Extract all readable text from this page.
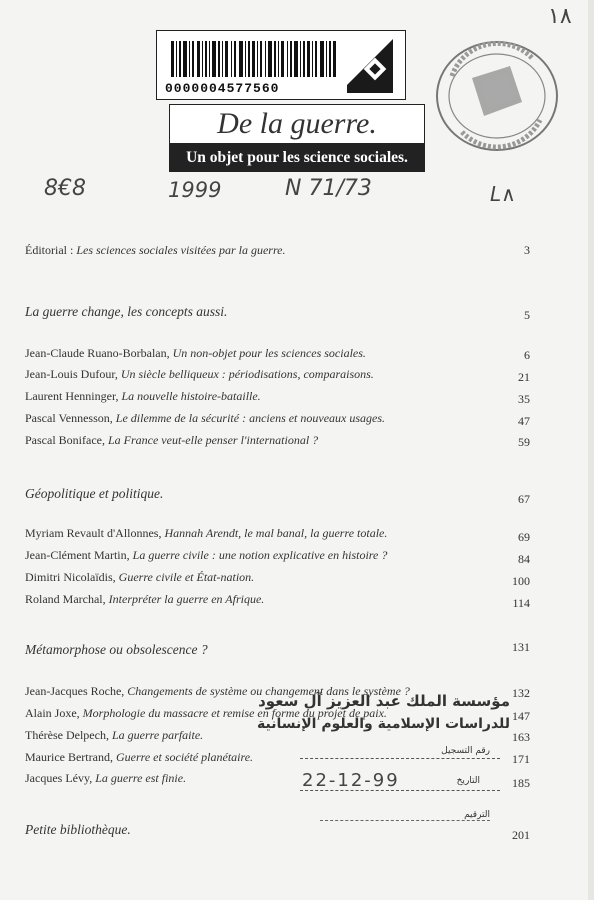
0000004577560
De la guerre.
Un objet pour les science sociales.
١٨
8€8	1999	N 71/73	L∧
Éditorial : Les sciences sociales visitées par la guerre.	3
La guerre change, les concepts aussi.	5
Jean-Claude Ruano-Borbalan, Un non-objet pour les sciences sociales.	6
Jean-Louis Dufour, Un siècle belliqueux : périodisations, comparaisons.	21
Laurent Henninger, La nouvelle histoire-bataille.	35
Pascal Vennesson, Le dilemme de la sécurité : anciens et nouveaux usages.	47
Pascal Boniface, La France veut-elle penser l'international ?	59
Géopolitique et politique.	67
Myriam Revault d'Allonnes, Hannah Arendt, le mal banal, la guerre totale.	69
Jean-Clément Martin, La guerre civile : une notion explicative en histoire ?	84
Dimitri Nicolaïdis, Guerre civile et État-nation.	100
Roland Marchal, Interpréter la guerre en Afrique.	114
Métamorphose ou obsolescence ?	131
Jean-Jacques Roche, Changements de système ou changement dans le système ?	132
Alain Joxe, Morphologie du massacre et remise en forme du projet de paix.	147
Thérèse Delpech, La guerre parfaite.	163
Maurice Bertrand, Guerre et société planétaire.	171
Jacques Lévy, La guerre est finie.	185
Petite bibliothèque.	201
مؤسسة الملك عبد العزيز آل سعود
للدراسات الإسلامية والعلوم الإنسانية
رقم التسجيل
22-12-99	التاريخ
الترقيم
